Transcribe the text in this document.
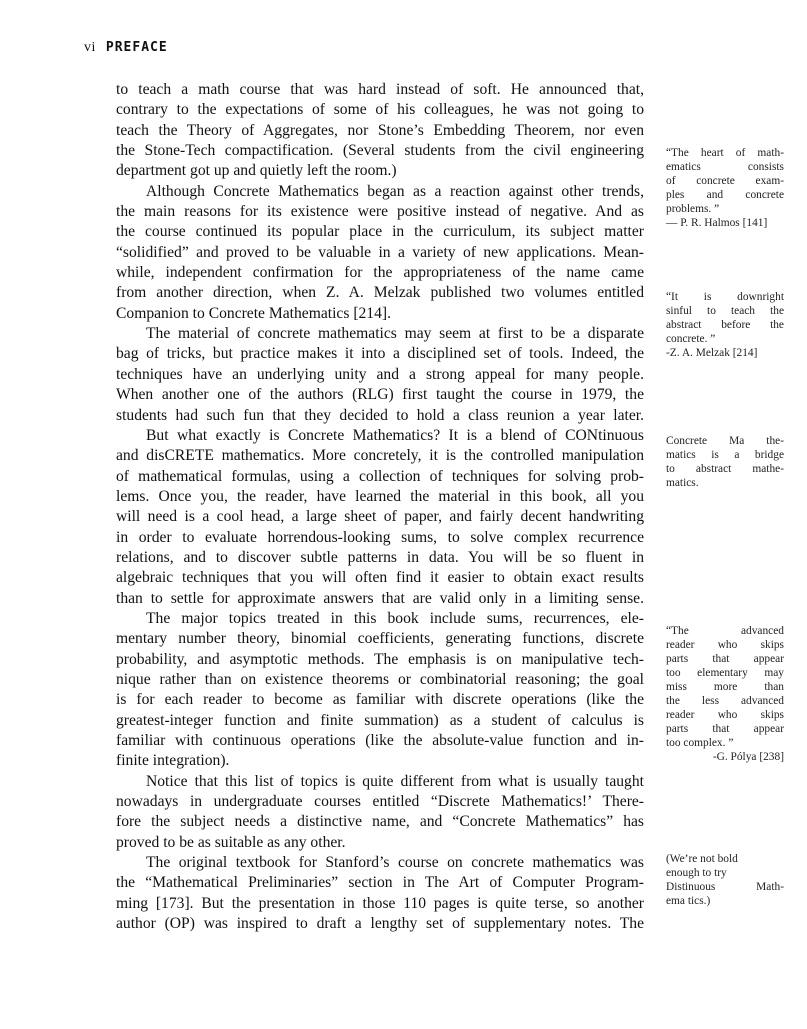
vi PREFACE
to teach a math course that was hard instead of soft. He announced that,
contrary to the expectations of some of his colleagues, he was not going to
teach the Theory of Aggregates, nor Stone’s Embedding Theorem, nor even
the Stone-Tech compactification. (Several students from the civil engineering
department got up and quietly left the room.)
Although Concrete Mathematics began as a reaction against other trends,
the main reasons for its existence were positive instead of negative. And as
the course continued its popular place in the curriculum, its subject matter
“solidified” and proved to be valuable in a variety of new applications. Mean-
while, independent confirmation for the appropriateness of the name came
from another direction, when Z. A. Melzak published two volumes entitled
Companion to Concrete Mathematics [214].
The material of concrete mathematics may seem at first to be a disparate
bag of tricks, but practice makes it into a disciplined set of tools. Indeed, the
techniques have an underlying unity and a strong appeal for many people.
When another one of the authors (RLG) first taught the course in 1979, the
students had such fun that they decided to hold a class reunion a year later.
But what exactly is Concrete Mathematics? It is a blend of CONtinuous
and disCRETE mathematics. More concretely, it is the controlled manipulation
of mathematical formulas, using a collection of techniques for solving prob-
lems. Once you, the reader, have learned the material in this book, all you
will need is a cool head, a large sheet of paper, and fairly decent handwriting
in order to evaluate horrendous-looking sums, to solve complex recurrence
relations, and to discover subtle patterns in data. You will be so fluent in
algebraic techniques that you will often find it easier to obtain exact results
than to settle for approximate answers that are valid only in a limiting sense.
The major topics treated in this book include sums, recurrences, ele-
mentary number theory, binomial coefficients, generating functions, discrete
probability, and asymptotic methods. The emphasis is on manipulative tech-
nique rather than on existence theorems or combinatorial reasoning; the goal
is for each reader to become as familiar with discrete operations (like the
greatest-integer function and finite summation) as a student of calculus is
familiar with continuous operations (like the absolute-value function and in-
finite integration).
Notice that this list of topics is quite different from what is usually taught
nowadays in undergraduate courses entitled “Discrete Mathematics!’ There-
fore the subject needs a distinctive name, and “Concrete Mathematics” has
proved to be as suitable as any other.
The original textbook for Stanford’s course on concrete mathematics was
the “Mathematical Preliminaries” section in The Art of Computer Program-
ming [173]. But the presentation in those 110 pages is quite terse, so another
author (OP) was inspired to draft a lengthy set of supplementary notes. The
“The heart of math-
ematics consists
of concrete exam-
ples and concrete
problems. ”
— P. R. Halmos [141]
“It is downright
sinful to teach the
abstract before the
concrete. ”
-Z. A. Melzak [214]
Concrete Ma the-
matics is a bridge
to abstract mathe-
matics.
“The advanced
reader who skips
parts that appear
too elementary may
miss more than
the less advanced
reader who skips
parts that appear
too complex. ”
-G. Pólya [238]
(We’re not bold
enough to try
Distinuous Math-
ema tics.)
